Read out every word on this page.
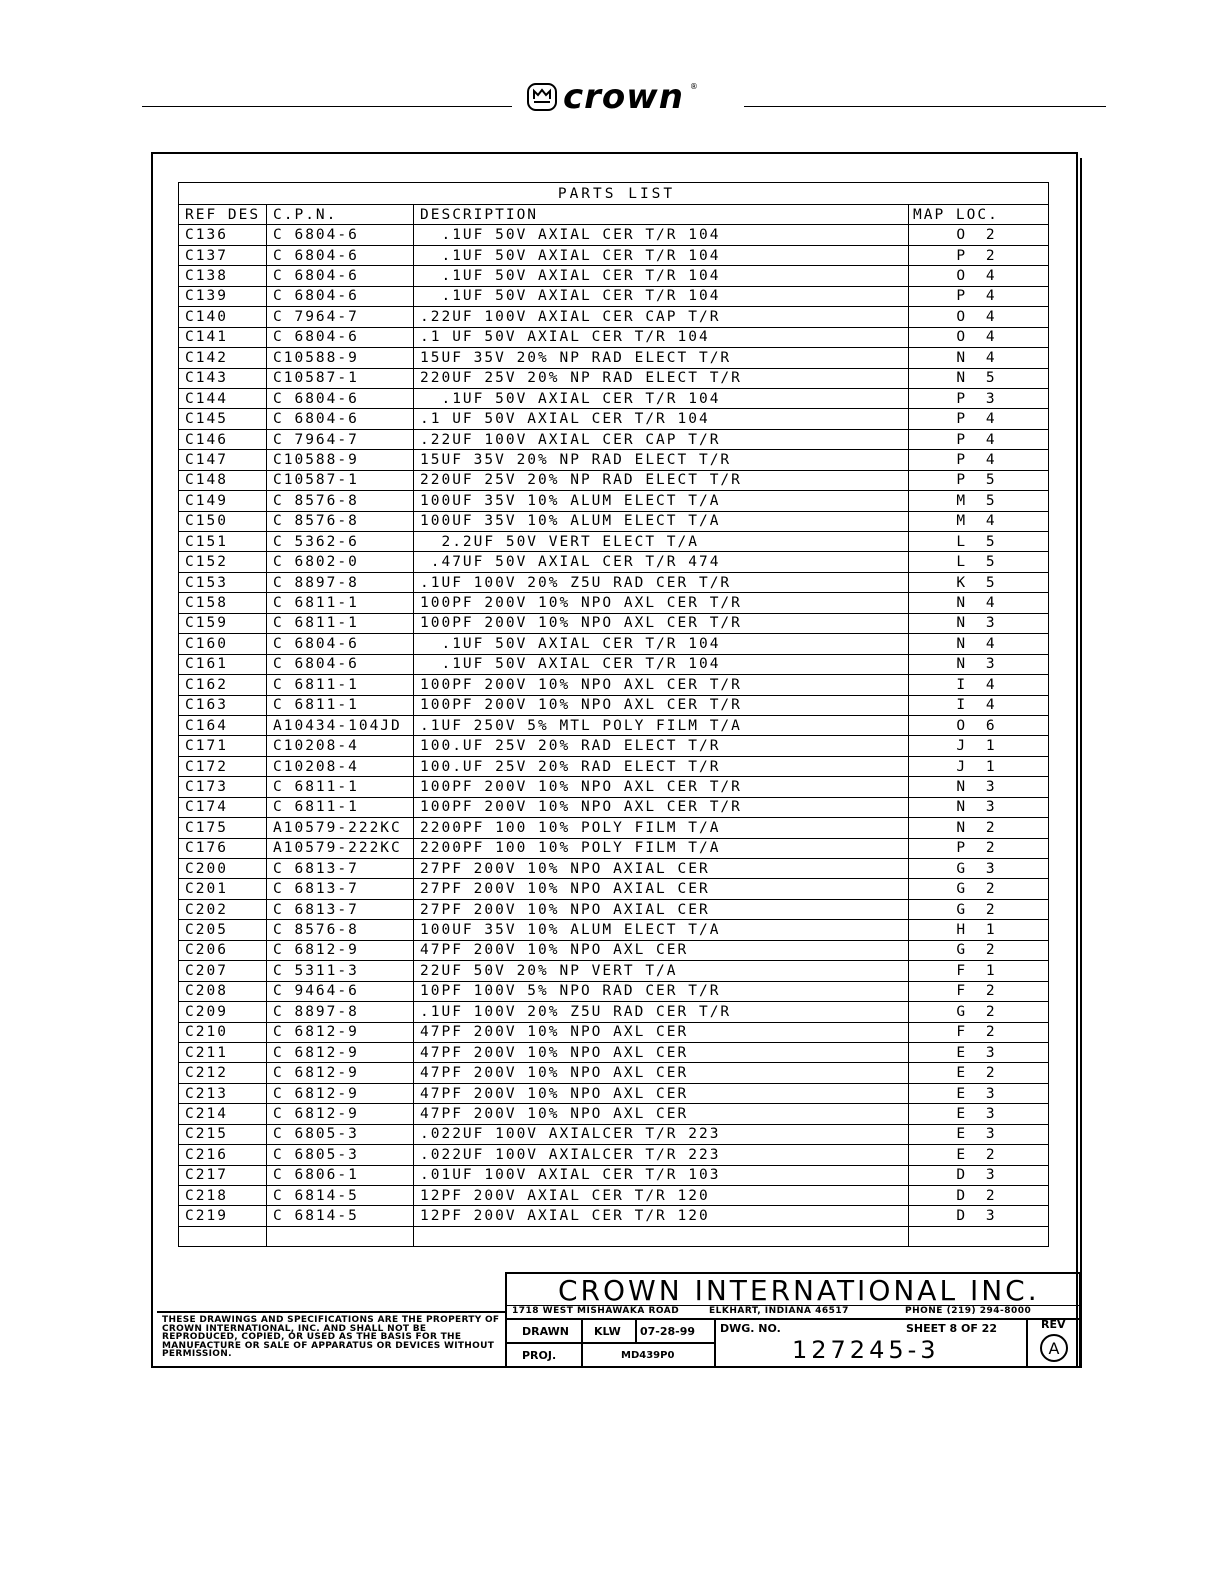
crown ®
PARTS LIST			
REF DES	C.P.N.	DESCRIPTION	MAP LOC.
C136	C 6804-6	.1UF 50V AXIAL CER T/R 104	O 2
C137	C 6804-6	.1UF 50V AXIAL CER T/R 104	P 2
C138	C 6804-6	.1UF 50V AXIAL CER T/R 104	O 4
C139	C 6804-6	.1UF 50V AXIAL CER T/R 104	P 4
C140	C 7964-7	.22UF 100V AXIAL CER CAP T/R	O 4
C141	C 6804-6	.1 UF 50V AXIAL CER T/R 104	O 4
C142	C10588-9	15UF 35V 20% NP RAD ELECT T/R	N 4
C143	C10587-1	220UF 25V 20% NP RAD ELECT T/R	N 5
C144	C 6804-6	.1UF 50V AXIAL CER T/R 104	P 3
C145	C 6804-6	.1 UF 50V AXIAL CER T/R 104	P 4
C146	C 7964-7	.22UF 100V AXIAL CER CAP T/R	P 4
C147	C10588-9	15UF 35V 20% NP RAD ELECT T/R	P 4
C148	C10587-1	220UF 25V 20% NP RAD ELECT T/R	P 5
C149	C 8576-8	100UF 35V 10% ALUM ELECT T/A	M 5
C150	C 8576-8	100UF 35V 10% ALUM ELECT T/A	M 4
C151	C 5362-6	2.2UF 50V VERT ELECT T/A	L 5
C152	C 6802-0	.47UF 50V AXIAL CER T/R 474	L 5
C153	C 8897-8	.1UF 100V 20% Z5U RAD CER T/R	K 5
C158	C 6811-1	100PF 200V 10% NPO AXL CER T/R	N 4
C159	C 6811-1	100PF 200V 10% NPO AXL CER T/R	N 3
C160	C 6804-6	.1UF 50V AXIAL CER T/R 104	N 4
C161	C 6804-6	.1UF 50V AXIAL CER T/R 104	N 3
C162	C 6811-1	100PF 200V 10% NPO AXL CER T/R	I 4
C163	C 6811-1	100PF 200V 10% NPO AXL CER T/R	I 4
C164	A10434-104JD	.1UF 250V 5% MTL POLY FILM T/A	O 6
C171	C10208-4	100.UF 25V 20% RAD ELECT T/R	J 1
C172	C10208-4	100.UF 25V 20% RAD ELECT T/R	J 1
C173	C 6811-1	100PF 200V 10% NPO AXL CER T/R	N 3
C174	C 6811-1	100PF 200V 10% NPO AXL CER T/R	N 3
C175	A10579-222KC	2200PF 100 10% POLY FILM T/A	N 2
C176	A10579-222KC	2200PF 100 10% POLY FILM T/A	P 2
C200	C 6813-7	27PF 200V 10% NPO AXIAL CER	G 3
C201	C 6813-7	27PF 200V 10% NPO AXIAL CER	G 2
C202	C 6813-7	27PF 200V 10% NPO AXIAL CER	G 2
C205	C 8576-8	100UF 35V 10% ALUM ELECT T/A	H 1
C206	C 6812-9	47PF 200V 10% NPO AXL CER	G 2
C207	C 5311-3	22UF 50V 20% NP VERT T/A	F 1
C208	C 9464-6	10PF 100V 5% NPO RAD CER T/R	F 2
C209	C 8897-8	.1UF 100V 20% Z5U RAD CER T/R	G 2
C210	C 6812-9	47PF 200V 10% NPO AXL CER	F 2
C211	C 6812-9	47PF 200V 10% NPO AXL CER	E 3
C212	C 6812-9	47PF 200V 10% NPO AXL CER	E 2
C213	C 6812-9	47PF 200V 10% NPO AXL CER	E 3
C214	C 6812-9	47PF 200V 10% NPO AXL CER	E 3
C215	C 6805-3	.022UF 100V AXIALCER T/R 223	E 3
C216	C 6805-3	.022UF 100V AXIALCER T/R 223	E 2
C217	C 6806-1	.01UF 100V AXIAL CER T/R 103	D 3
C218	C 6814-5	12PF 200V AXIAL CER T/R 120	D 2
C219	C 6814-5	12PF 200V AXIAL CER T/R 120	D 3

CROWN INTERNATIONAL INC.
1718 WEST MISHAWAKA ROAD	ELKHART, INDIANA 46517	PHONE (219) 294-8000
DRAWN KLW 07-28-99 DWG. NO.	SHEET 8 OF 22	REV
A
PROJ.	MD439P0	127245-3
THESE DRAWINGS AND SPECIFICATIONS ARE THE PROPERTY OF CROWN INTERNATIONAL, INC. AND SHALL NOT BE REPRODUCED, COPIED, OR USED AS THE BASIS FOR THE MANUFACTURE OR SALE OF APPARATUS OR DEVICES WITHOUT PERMISSION.
